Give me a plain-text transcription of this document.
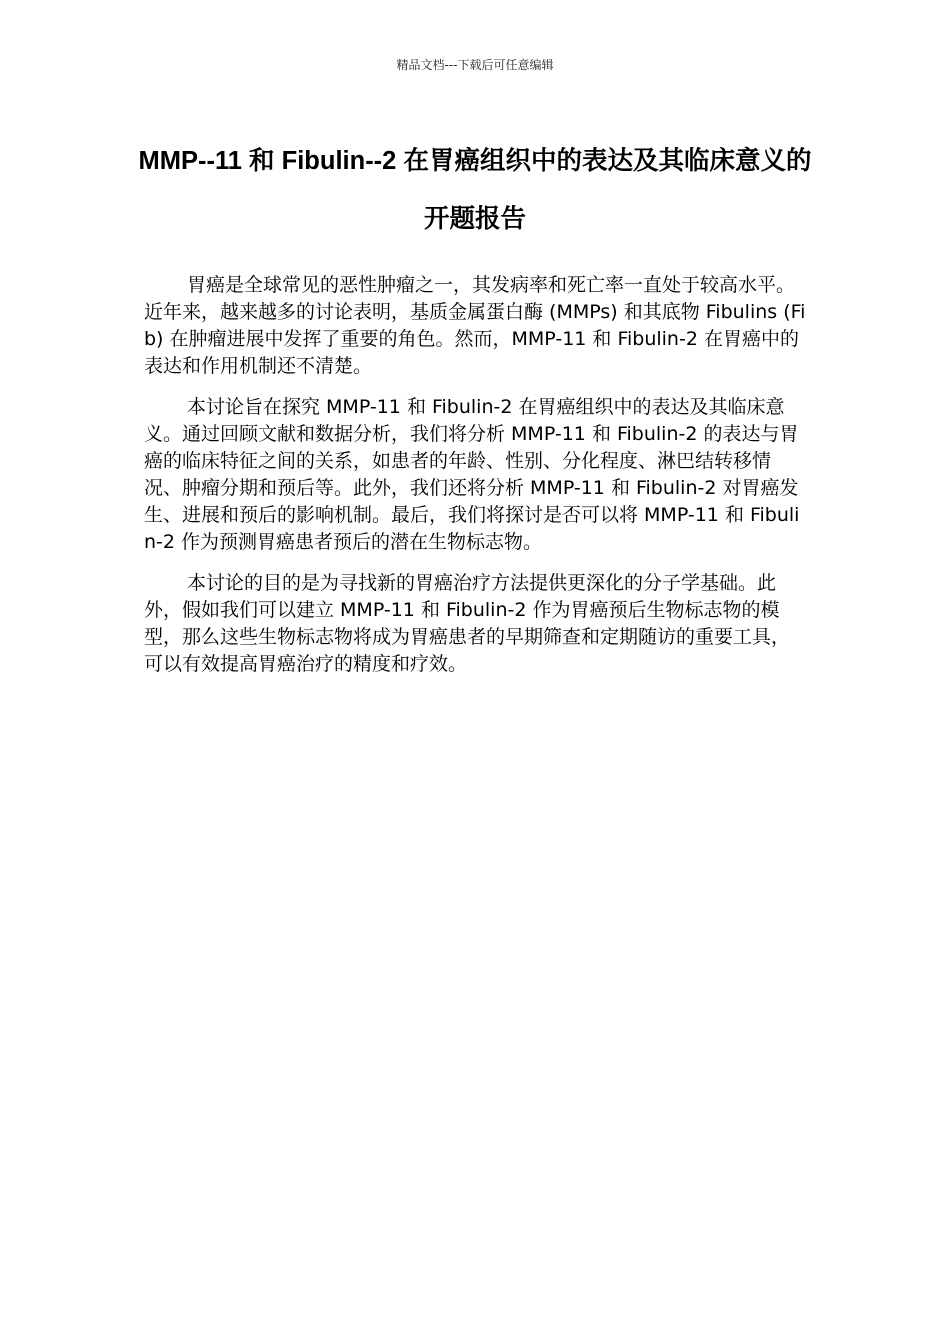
精品文档---下载后可任意编辑
MMP--11 和 Fibulin--2 在胃癌组织中的表达及其临床意义的开题报告

胃癌是全球常见的恶性肿瘤之一，其发病率和死亡率一直处于较高水平。近年来，越来越多的讨论表明，基质金属蛋白酶 (MMPs) 和其底物 Fibulins (Fib) 在肿瘤进展中发挥了重要的角色。然而，MMP-11 和 Fibulin-2 在胃癌中的表达和作用机制还不清楚。

本讨论旨在探究 MMP-11 和 Fibulin-2 在胃癌组织中的表达及其临床意义。通过回顾文献和数据分析，我们将分析 MMP-11 和 Fibulin-2 的表达与胃癌的临床特征之间的关系，如患者的年龄、性别、分化程度、淋巴结转移情况、肿瘤分期和预后等。此外，我们还将分析 MMP-11 和 Fibulin-2 对胃癌发生、进展和预后的影响机制。最后，我们将探讨是否可以将 MMP-11 和 Fibulin-2 作为预测胃癌患者预后的潜在生物标志物。

本讨论的目的是为寻找新的胃癌治疗方法提供更深化的分子学基础。此外，假如我们可以建立 MMP-11 和 Fibulin-2 作为胃癌预后生物标志物的模型，那么这些生物标志物将成为胃癌患者的早期筛查和定期随访的重要工具，可以有效提高胃癌治疗的精度和疗效。
